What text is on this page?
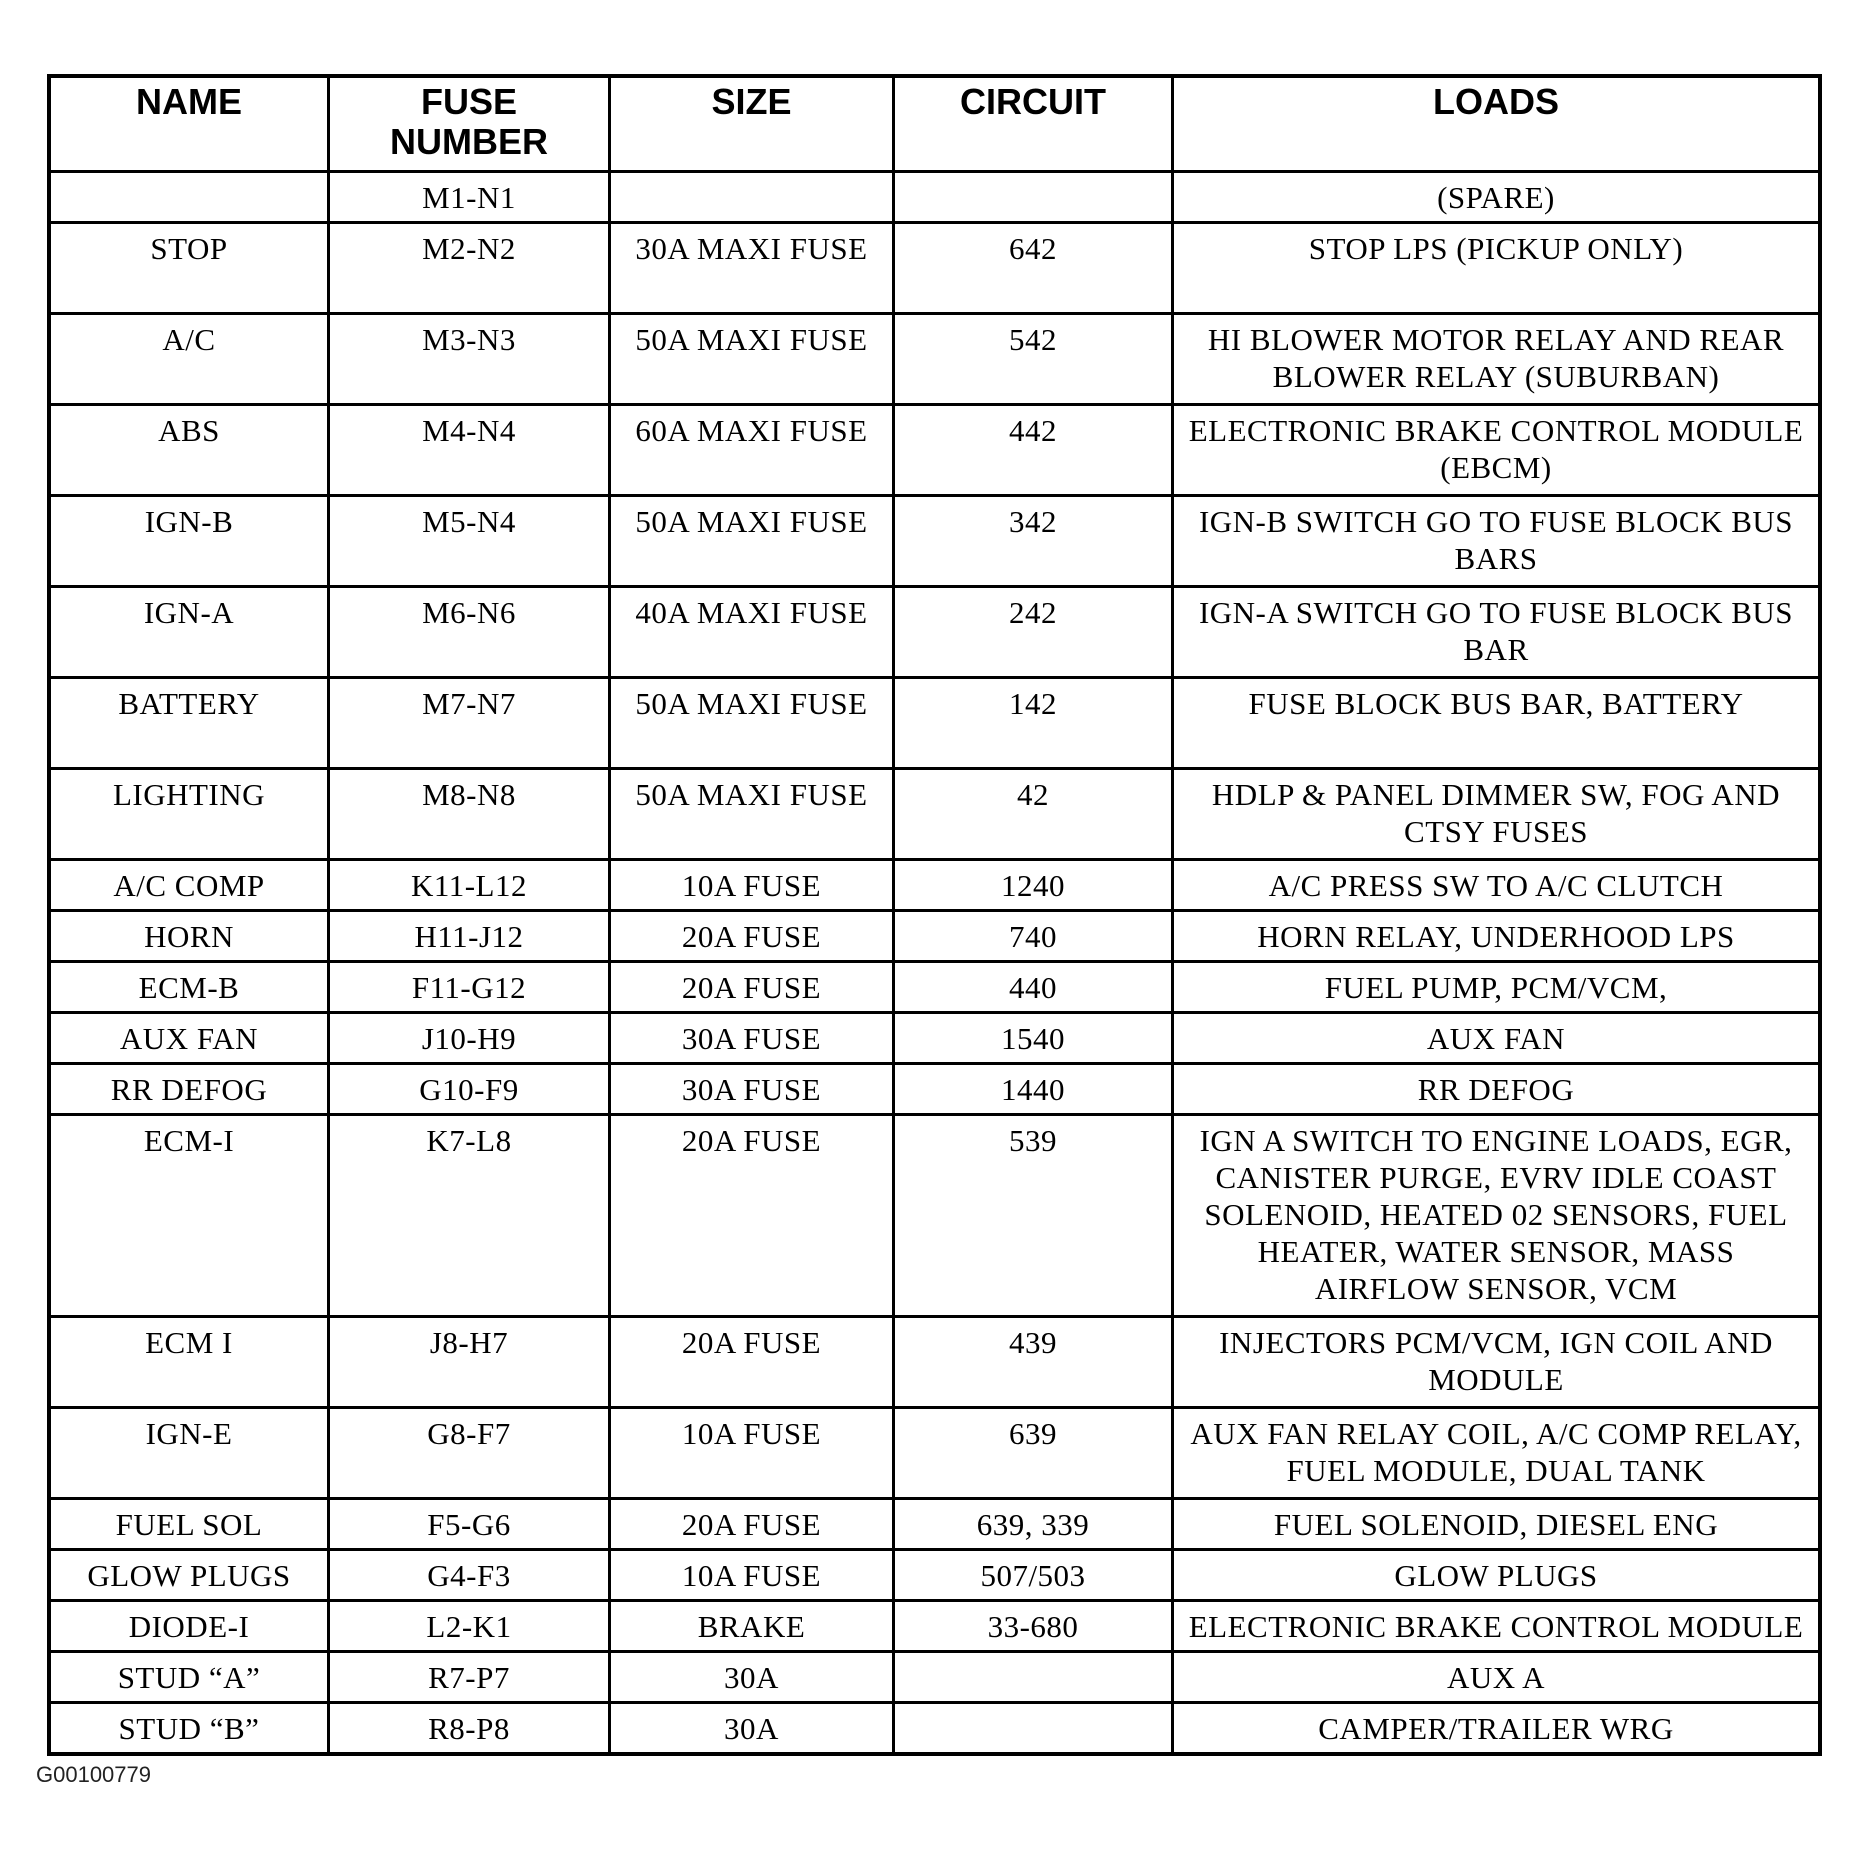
NAME	FUSE NUMBER	SIZE	CIRCUIT	LOADS
	M1-N1			(SPARE)
STOP	M2-N2	30A MAXI FUSE	642	STOP LPS (PICKUP ONLY)
A/C	M3-N3	50A MAXI FUSE	542	HI BLOWER MOTOR RELAY AND REAR BLOWER RELAY (SUBURBAN)
ABS	M4-N4	60A MAXI FUSE	442	ELECTRONIC BRAKE CONTROL MODULE (EBCM)
IGN-B	M5-N4	50A MAXI FUSE	342	IGN-B SWITCH GO TO FUSE BLOCK BUS BARS
IGN-A	M6-N6	40A MAXI FUSE	242	IGN-A SWITCH GO TO FUSE BLOCK BUS BAR
BATTERY	M7-N7	50A MAXI FUSE	142	FUSE BLOCK BUS BAR, BATTERY
LIGHTING	M8-N8	50A MAXI FUSE	42	HDLP & PANEL DIMMER SW, FOG AND CTSY FUSES
A/C COMP	K11-L12	10A FUSE	1240	A/C PRESS SW TO A/C CLUTCH
HORN	H11-J12	20A FUSE	740	HORN RELAY, UNDERHOOD LPS
ECM-B	F11-G12	20A FUSE	440	FUEL PUMP, PCM/VCM,
AUX FAN	J10-H9	30A FUSE	1540	AUX FAN
RR DEFOG	G10-F9	30A FUSE	1440	RR DEFOG
ECM-I	K7-L8	20A FUSE	539	IGN A SWITCH TO ENGINE LOADS, EGR, CANISTER PURGE, EVRV IDLE COAST SOLENOID, HEATED 02 SENSORS, FUEL HEATER, WATER SENSOR, MASS AIRFLOW SENSOR, VCM
ECM I	J8-H7	20A FUSE	439	INJECTORS PCM/VCM, IGN COIL AND MODULE
IGN-E	G8-F7	10A FUSE	639	AUX FAN RELAY COIL, A/C COMP RELAY, FUEL MODULE, DUAL TANK
FUEL SOL	F5-G6	20A FUSE	639, 339	FUEL SOLENOID, DIESEL ENG
GLOW PLUGS	G4-F3	10A FUSE	507/503	GLOW PLUGS
DIODE-I	L2-K1	BRAKE	33-680	ELECTRONIC BRAKE CONTROL MODULE
STUD “A”	R7-P7	30A		AUX A
STUD “B”	R8-P8	30A		CAMPER/TRAILER WRG
G00100779
